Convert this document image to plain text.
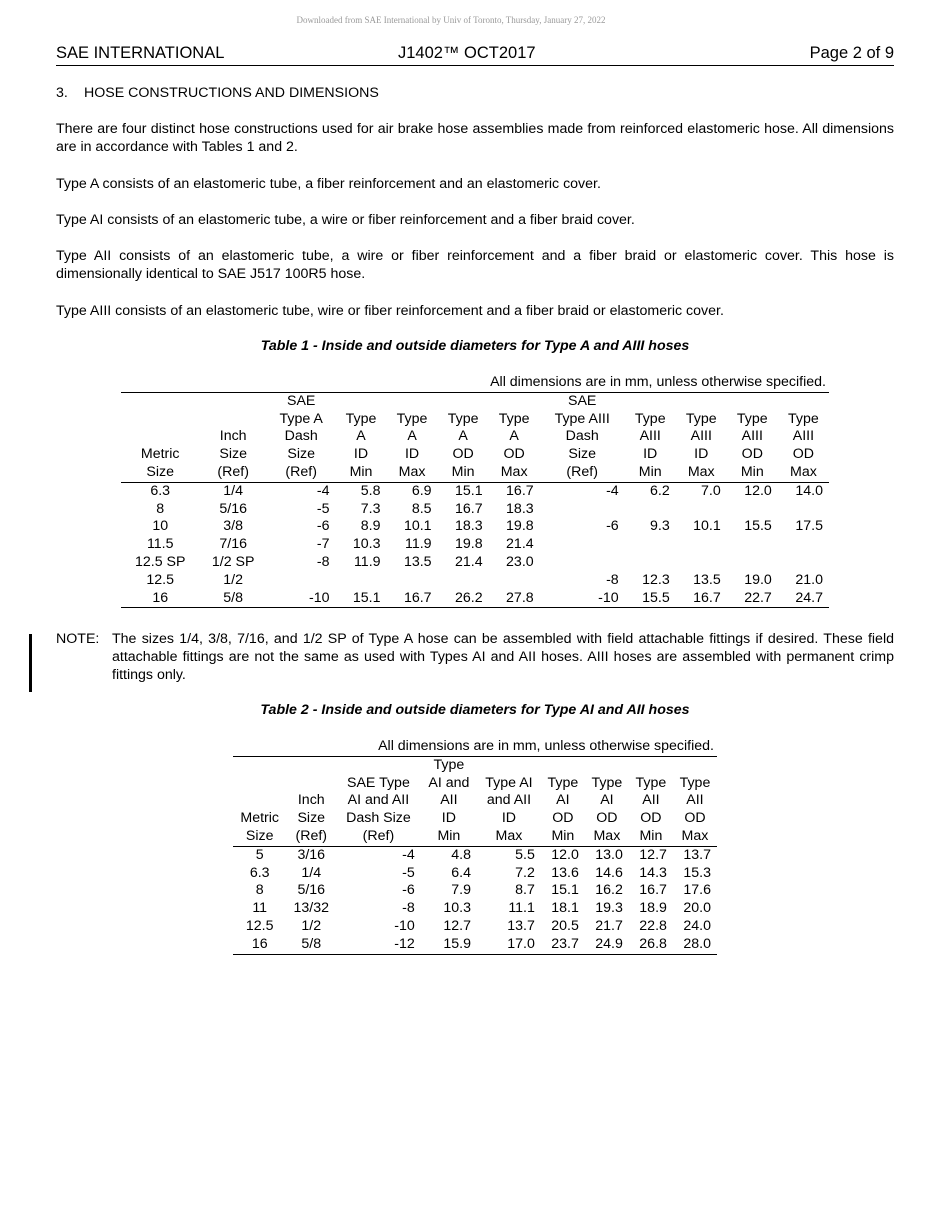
Downloaded from SAE International by Univ of Toronto, Thursday, January 27, 2022
SAE INTERNATIONAL	J1402™ OCT2017	Page 2 of 9

3. HOSE CONSTRUCTIONS AND DIMENSIONS

There are four distinct hose constructions used for air brake hose assemblies made from reinforced elastomeric hose. All dimensions are in accordance with Tables 1 and 2.

Type A consists of an elastomeric tube, a fiber reinforcement and an elastomeric cover.

Type AI consists of an elastomeric tube, a wire or fiber reinforcement and a fiber braid cover.

Type AII consists of an elastomeric tube, a wire or fiber reinforcement and a fiber braid or elastomeric cover. This hose is dimensionally identical to SAE J517 100R5 hose.

Type AIII consists of an elastomeric tube, wire or fiber reinforcement and a fiber braid or elastomeric cover.

Table 1 - Inside and outside diameters for Type A and AIII hoses
All dimensions are in mm, unless otherwise specified.											
		SAE					SAE				
		Type A	Type	Type	Type	Type	Type AIII	Type	Type	Type	Type
	Inch	Dash	A	A	A	A	Dash	AIII	AIII	AIII	AIII
Metric	Size	Size	ID	ID	OD	OD	Size	ID	ID	OD	OD
Size	(Ref)	(Ref)	Min	Max	Min	Max	(Ref)	Min	Max	Min	Max
6.3	1/4	-4	5.8	6.9	15.1	16.7	-4	6.2	7.0	12.0	14.0
8	5/16	-5	7.3	8.5	16.7	18.3					
10	3/8	-6	8.9	10.1	18.3	19.8	-6	9.3	10.1	15.5	17.5
11.5	7/16	-7	10.3	11.9	19.8	21.4					
12.5 SP	1/2 SP	-8	11.9	13.5	21.4	23.0					
12.5	1/2						-8	12.3	13.5	19.0	21.0
16	5/8	-10	15.1	16.7	26.2	27.8	-10	15.5	16.7	22.7	24.7
NOTE: The sizes 1/4, 3/8, 7/16, and 1/2 SP of Type A hose can be assembled with field attachable fittings if desired. These field attachable fittings are not the same as used with Types AI and AII hoses. AIII hoses are assembled with permanent crimp fittings only.

Table 2 - Inside and outside diameters for Type AI and AII hoses
All dimensions are in mm, unless otherwise specified.								
			Type					
		SAE Type	AI and	Type AI	Type	Type	Type	Type
	Inch	AI and AII	AII	and AII	AI	AI	AII	AII
Metric	Size	Dash Size	ID	ID	OD	OD	OD	OD
Size	(Ref)	(Ref)	Min	Max	Min	Max	Min	Max
5	3/16	-4	4.8	5.5	12.0	13.0	12.7	13.7
6.3	1/4	-5	6.4	7.2	13.6	14.6	14.3	15.3
8	5/16	-6	7.9	8.7	15.1	16.2	16.7	17.6
11	13/32	-8	10.3	11.1	18.1	19.3	18.9	20.0
12.5	1/2	-10	12.7	13.7	20.5	21.7	22.8	24.0
16	5/8	-12	15.9	17.0	23.7	24.9	26.8	28.0
